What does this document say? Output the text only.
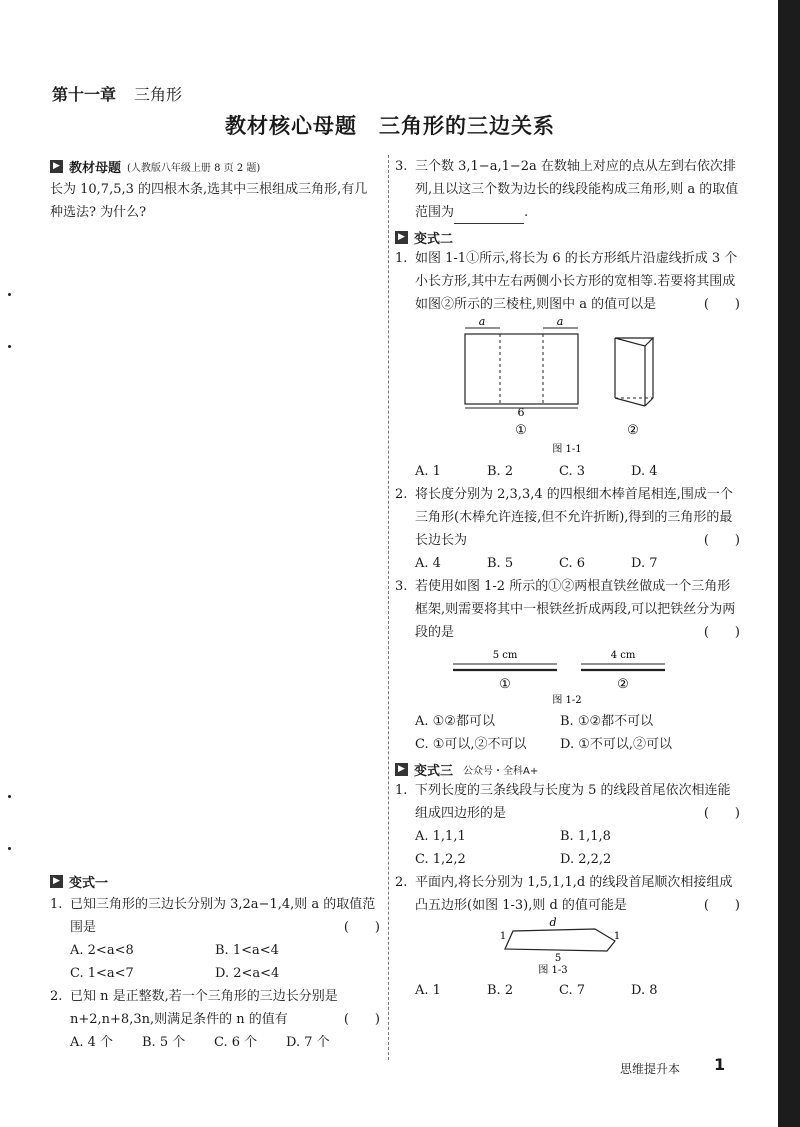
第十一章 三角形
教材核心母题　三角形的三边关系
▶ 教材母题 (人教版八年级上册 8 页 2 题)

长为 10,7,5,3 的四根木条,选其中三根组成三角形,有几种选法? 为什么?

▶ 变式一
1. 已知三角形的三边长分别为 3,2a−1,4,则 a 的取值范围是	(　　)
A. 2<a<8	B. 1<a<4
C. 1<a<7	D. 2<a<4
2. 已知 n 是正整数,若一个三角形的三边长分别是 n+2,n+8,3n,则满足条件的 n 的值有	(　　)
A. 4 个	B. 5 个	C. 6 个	D. 7 个
3. 三个数 3,1−a,1−2a 在数轴上对应的点从左到右依次排列,且以这三个数为边长的线段能构成三角形,则 a 的取值范围为	.
▶ 变式二
1. 如图 1-1①所示,将长为 6 的长方形纸片沿虚线折成 3 个小长方形,其中左右两侧小长方形的宽相等.若要将其围成如图②所示的三棱柱,则图中 a 的值可以是	(　　)
a	a
6
①	②
图 1-1
A. 1	B. 2	C. 3	D. 4
2. 将长度分别为 2,3,3,4 的四根细木棒首尾相连,围成一个三角形(木棒允许连接,但不允许折断),得到的三角形的最长边长为	(　　)
A. 4	B. 5	C. 6	D. 7
3. 若使用如图 1-2 所示的①②两根直铁丝做成一个三角形框架,则需要将其中一根铁丝折成两段,可以把铁丝分为两段的是	(　　)
5 cm
①
4 cm
②
图 1-2
A. ①②都可以	B. ①②都不可以
C. ①可以,②不可以	D. ①不可以,②可以
▶ 变式三 公众号・全科A+
1. 下列长度的三条线段与长度为 5 的线段首尾依次相连能组成四边形的是	(　　)
A. 1,1,1	B. 1,1,8
C. 1,2,2	D. 2,2,2
2. 平面内,将长分别为 1,5,1,1,d 的线段首尾顺次相接组成凸五边形(如图 1-3),则 d 的值可能是	(　　)
d
1	1
5
图 1-3
A. 1	B. 2	C. 7	D. 8
思维提升本 1
